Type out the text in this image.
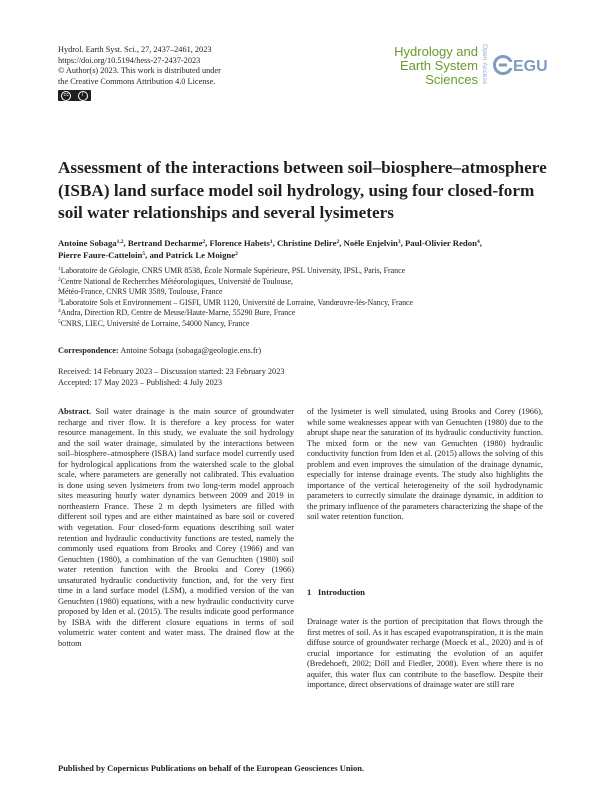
Hydrol. Earth Syst. Sci., 27, 2437–2461, 2023
https://doi.org/10.5194/hess-27-2437-2023
© Author(s) 2023. This work is distributed under
the Creative Commons Attribution 4.0 License.
cc	i
Hydrology and
Earth System
Sciences Open Access EGU
Assessment of the interactions between soil–biosphere–atmosphere
(ISBA) land surface model soil hydrology, using four closed-form
soil water relationships and several lysimeters
Antoine Sobaga$^{1,2}$, Bertrand Decharme$^2$, Florence Habets$^1$, Christine Delire$^2$, Noële Enjelvin$^3$, Paul-Olivier Redon$^4$,
Pierre Faure-Catteloin$^5$, and Patrick Le Moigne$^2$
$^1$Laboratoire de Géologie, CNRS UMR 8538, École Normale Supérieure, PSL University, IPSL, Paris, France
$^2$Centre National de Recherches Météorologiques, Université de Toulouse,
Météo-France, CNRS UMR 3589, Toulouse, France
$^3$Laboratoire Sols et Environnement – GISFI, UMR 1120, Université de Lorraine, Vandœuvre-lès-Nancy, France
$^4$Andra, Direction RD, Centre de Meuse/Haute-Marne, 55290 Bure, France
$^5$CNRS, LIEC, Université de Lorraine, 54000 Nancy, France
Correspondence: Antoine Sobaga (sobaga@geologie.ens.fr)
Received: 14 February 2023 – Discussion started: 23 February 2023
Accepted: 17 May 2023 – Published: 4 July 2023

Abstract. Soil water drainage is the main source of groundwater recharge and river flow. It is therefore a key process for water resource management. In this study, we evaluate the soil hydrology and the soil water drainage, simulated by the interactions between soil–biosphere–atmosphere (ISBA) land surface model currently used for hydrological applications from the watershed scale to the global scale, where parameters are generally not calibrated. This evaluation is done using seven lysimeters from two long-term model approach sites measuring hourly water dynamics between 2009 and 2019 in northeastern France. These 2 m depth lysimeters are filled with different soil types and are either maintained as bare soil or covered with vegetation. Four closed-form equations describing soil water retention and hydraulic conductivity functions are tested, namely the commonly used equations from Brooks and Corey (1966) and van Genuchten (1980), a combination of the van Genuchten (1980) soil water retention function with the Brooks and Corey (1966) unsaturated hydraulic conductivity function, and, for the very first time in a land surface model (LSM), a modified version of the van Genuchten (1980) equations, with a new hydraulic conductivity curve proposed by Iden et al. (2015). The results indicate good performance by ISBA with the different closure equations in terms of soil volumetric water content and water mass. The drained flow at the bottom

of the lysimeter is well simulated, using Brooks and Corey (1966), while some weaknesses appear with van Genuchten (1980) due to the abrupt shape near the saturation of its hydraulic conductivity function. The mixed form or the new van Genuchten (1980) hydraulic conductivity function from Iden et al. (2015) allows the solving of this problem and even improves the simulation of the drainage dynamic, especially for intense drainage events. The study also highlights the importance of the vertical heterogeneity of the soil hydrodynamic parameters to correctly simulate the drainage dynamic, in addition to the primary influence of the parameters characterizing the shape of the soil water retention function.
1 Introduction
Drainage water is the portion of precipitation that flows through the first metres of soil. As it has escaped evapotranspiration, it is the main diffuse source of groundwater recharge (Moeck et al., 2020) and is of crucial importance for estimating the evolution of an aquifer (Bredehoeft, 2002; Döll and Fiedler, 2008). Even where there is no aquifer, this water flux can contribute to the baseflow. Despite their importance, direct observations of drainage water are still rare
Published by Copernicus Publications on behalf of the European Geosciences Union.
